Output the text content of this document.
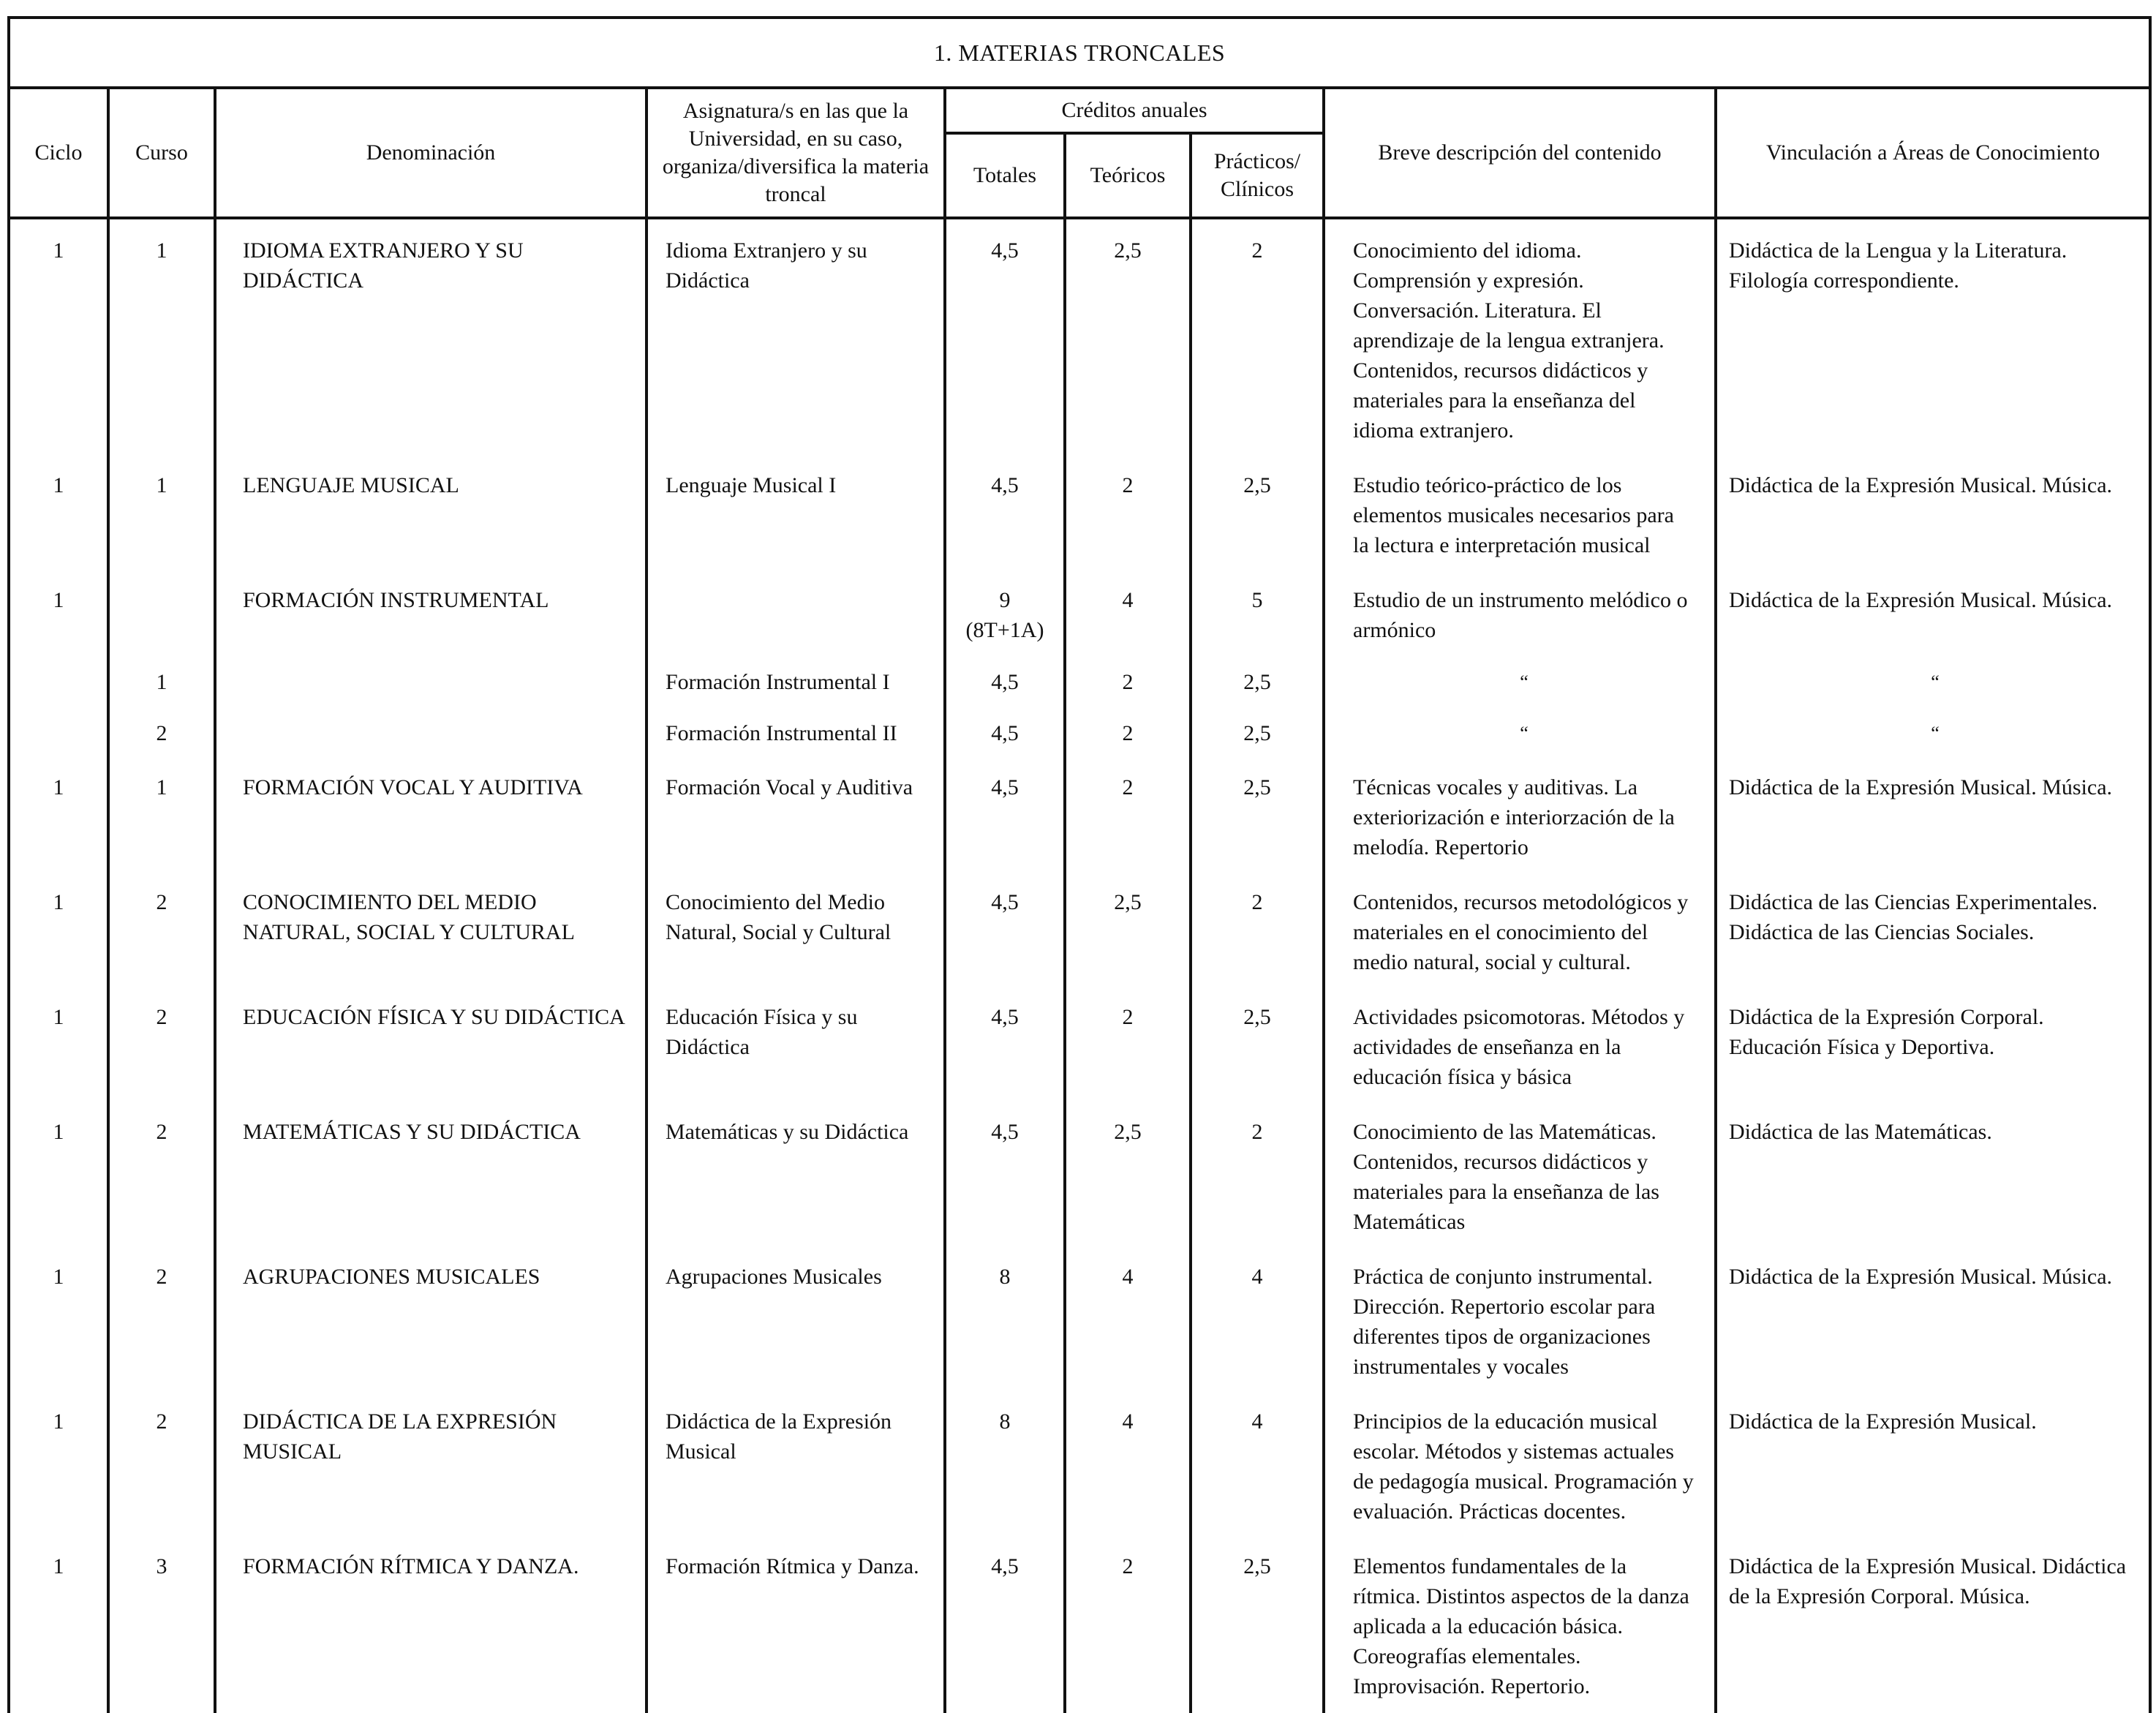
1. MATERIAS TRONCALES								
Ciclo	Curso	Denominación	Asignatura/s en las que la Universidad, en su caso, organiza/diversifica la materia troncal	Créditos anuales			Breve descripción del contenido	Vinculación a Áreas de Conocimiento
				Totales	Teóricos	Prácticos/ Clínicos		
1	1	IDIOMA EXTRANJERO Y SU DIDÁCTICA	Idioma Extranjero y su Didáctica	4,5	2,5	2	Conocimiento del idioma. Comprensión y expresión. Conversación. Literatura. El aprendizaje de la lengua extranjera. Contenidos, recursos didácticos y materiales para la enseñanza del idioma extranjero.	Didáctica de la Lengua y la Literatura. Filología correspondiente.
1	1	LENGUAJE MUSICAL	Lenguaje Musical I	4,5	2	2,5	Estudio teórico-práctico de los elementos musicales necesarios para la lectura e interpretación musical	Didáctica de la Expresión Musical. Música.
1		FORMACIÓN INSTRUMENTAL		9 (8T+1A)	4	5	Estudio de un instrumento melódico o armónico	Didáctica de la Expresión Musical. Música.
	1		Formación Instrumental I	4,5	2	2,5	“	“
	2		Formación Instrumental II	4,5	2	2,5	“	“
1	1	FORMACIÓN VOCAL Y AUDITIVA	Formación Vocal y Auditiva	4,5	2	2,5	Técnicas vocales y auditivas. La exteriorización e interiorzación de la melodía. Repertorio	Didáctica de la Expresión Musical. Música.
1	2	CONOCIMIENTO DEL MEDIO NATURAL, SOCIAL Y CULTURAL	Conocimiento del Medio Natural, Social y Cultural	4,5	2,5	2	Contenidos, recursos metodológicos y materiales en el conocimiento del medio natural, social y cultural.	Didáctica de las Ciencias Experimentales. Didáctica de las Ciencias Sociales.
1	2	EDUCACIÓN FÍSICA Y SU DIDÁCTICA	Educación Física y su Didáctica	4,5	2	2,5	Actividades psicomotoras. Métodos y actividades de enseñanza en la educación física y básica	Didáctica de la Expresión Corporal. Educación Física y Deportiva.
1	2	MATEMÁTICAS Y SU DIDÁCTICA	Matemáticas y su Didáctica	4,5	2,5	2	Conocimiento de las Matemáticas. Contenidos, recursos didácticos y materiales para la enseñanza de las Matemáticas	Didáctica de las Matemáticas.
1	2	AGRUPACIONES MUSICALES	Agrupaciones Musicales	8	4	4	Práctica de conjunto instrumental. Dirección. Repertorio escolar para diferentes tipos de organizaciones instrumentales y vocales	Didáctica de la Expresión Musical. Música.
1	2	DIDÁCTICA DE LA EXPRESIÓN MUSICAL	Didáctica de la Expresión Musical	8	4	4	Principios de la educación musical escolar. Métodos y sistemas actuales de pedagogía musical. Programación y evaluación. Prácticas docentes.	Didáctica de la Expresión Musical.
1	3	FORMACIÓN RÍTMICA Y DANZA.	Formación Rítmica y Danza.	4,5	2	2,5	Elementos fundamentales de la rítmica. Distintos aspectos de la danza aplicada a la educación básica. Coreografías elementales. Improvisación. Repertorio.	Didáctica de la Expresión Musical. Didáctica de la Expresión Corporal. Música.
